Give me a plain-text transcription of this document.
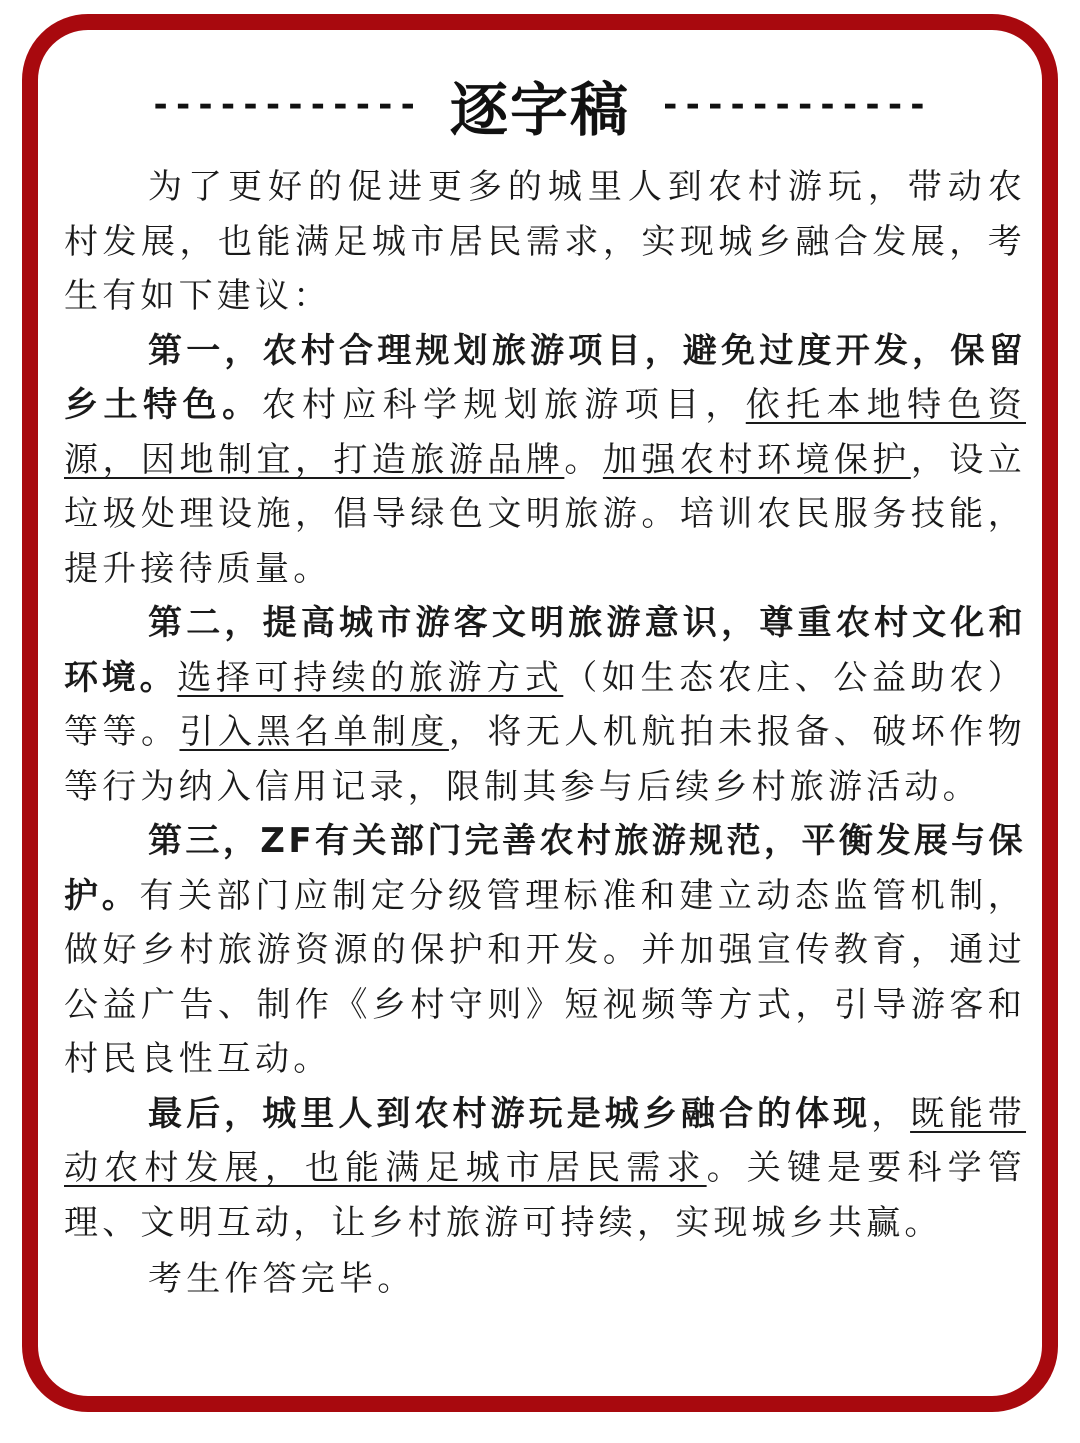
------------ 逐字稿 ------------

为了更好的促进更多的城里人到农村游玩，带动农村发展，也能满足城市居民需求，实现城乡融合发展，考生有如下建议：

第一，农村合理规划旅游项目，避免过度开发，保留乡土特色。农村应科学规划旅游项目，依托本地特色资源，因地制宜，打造旅游品牌。加强农村环境保护，设立垃圾处理设施，倡导绿色文明旅游。培训农民服务技能，提升接待质量。

第二，提高城市游客文明旅游意识，尊重农村文化和环境。选择可持续的旅游方式（如生态农庄、公益助农）等等。引入黑名单制度，将无人机航拍未报备、破坏作物等行为纳入信用记录，限制其参与后续乡村旅游活动。

第三，ZF有关部门完善农村旅游规范，平衡发展与保护。有关部门应制定分级管理标准和建立动态监管机制，做好乡村旅游资源的保护和开发。并加强宣传教育，通过公益广告、制作《乡村守则》短视频等方式，引导游客和村民良性互动。

最后，城里人到农村游玩是城乡融合的体现，既能带动农村发展，也能满足城市居民需求。关键是要科学管理、文明互动，让乡村旅游可持续，实现城乡共赢。

考生作答完毕。
